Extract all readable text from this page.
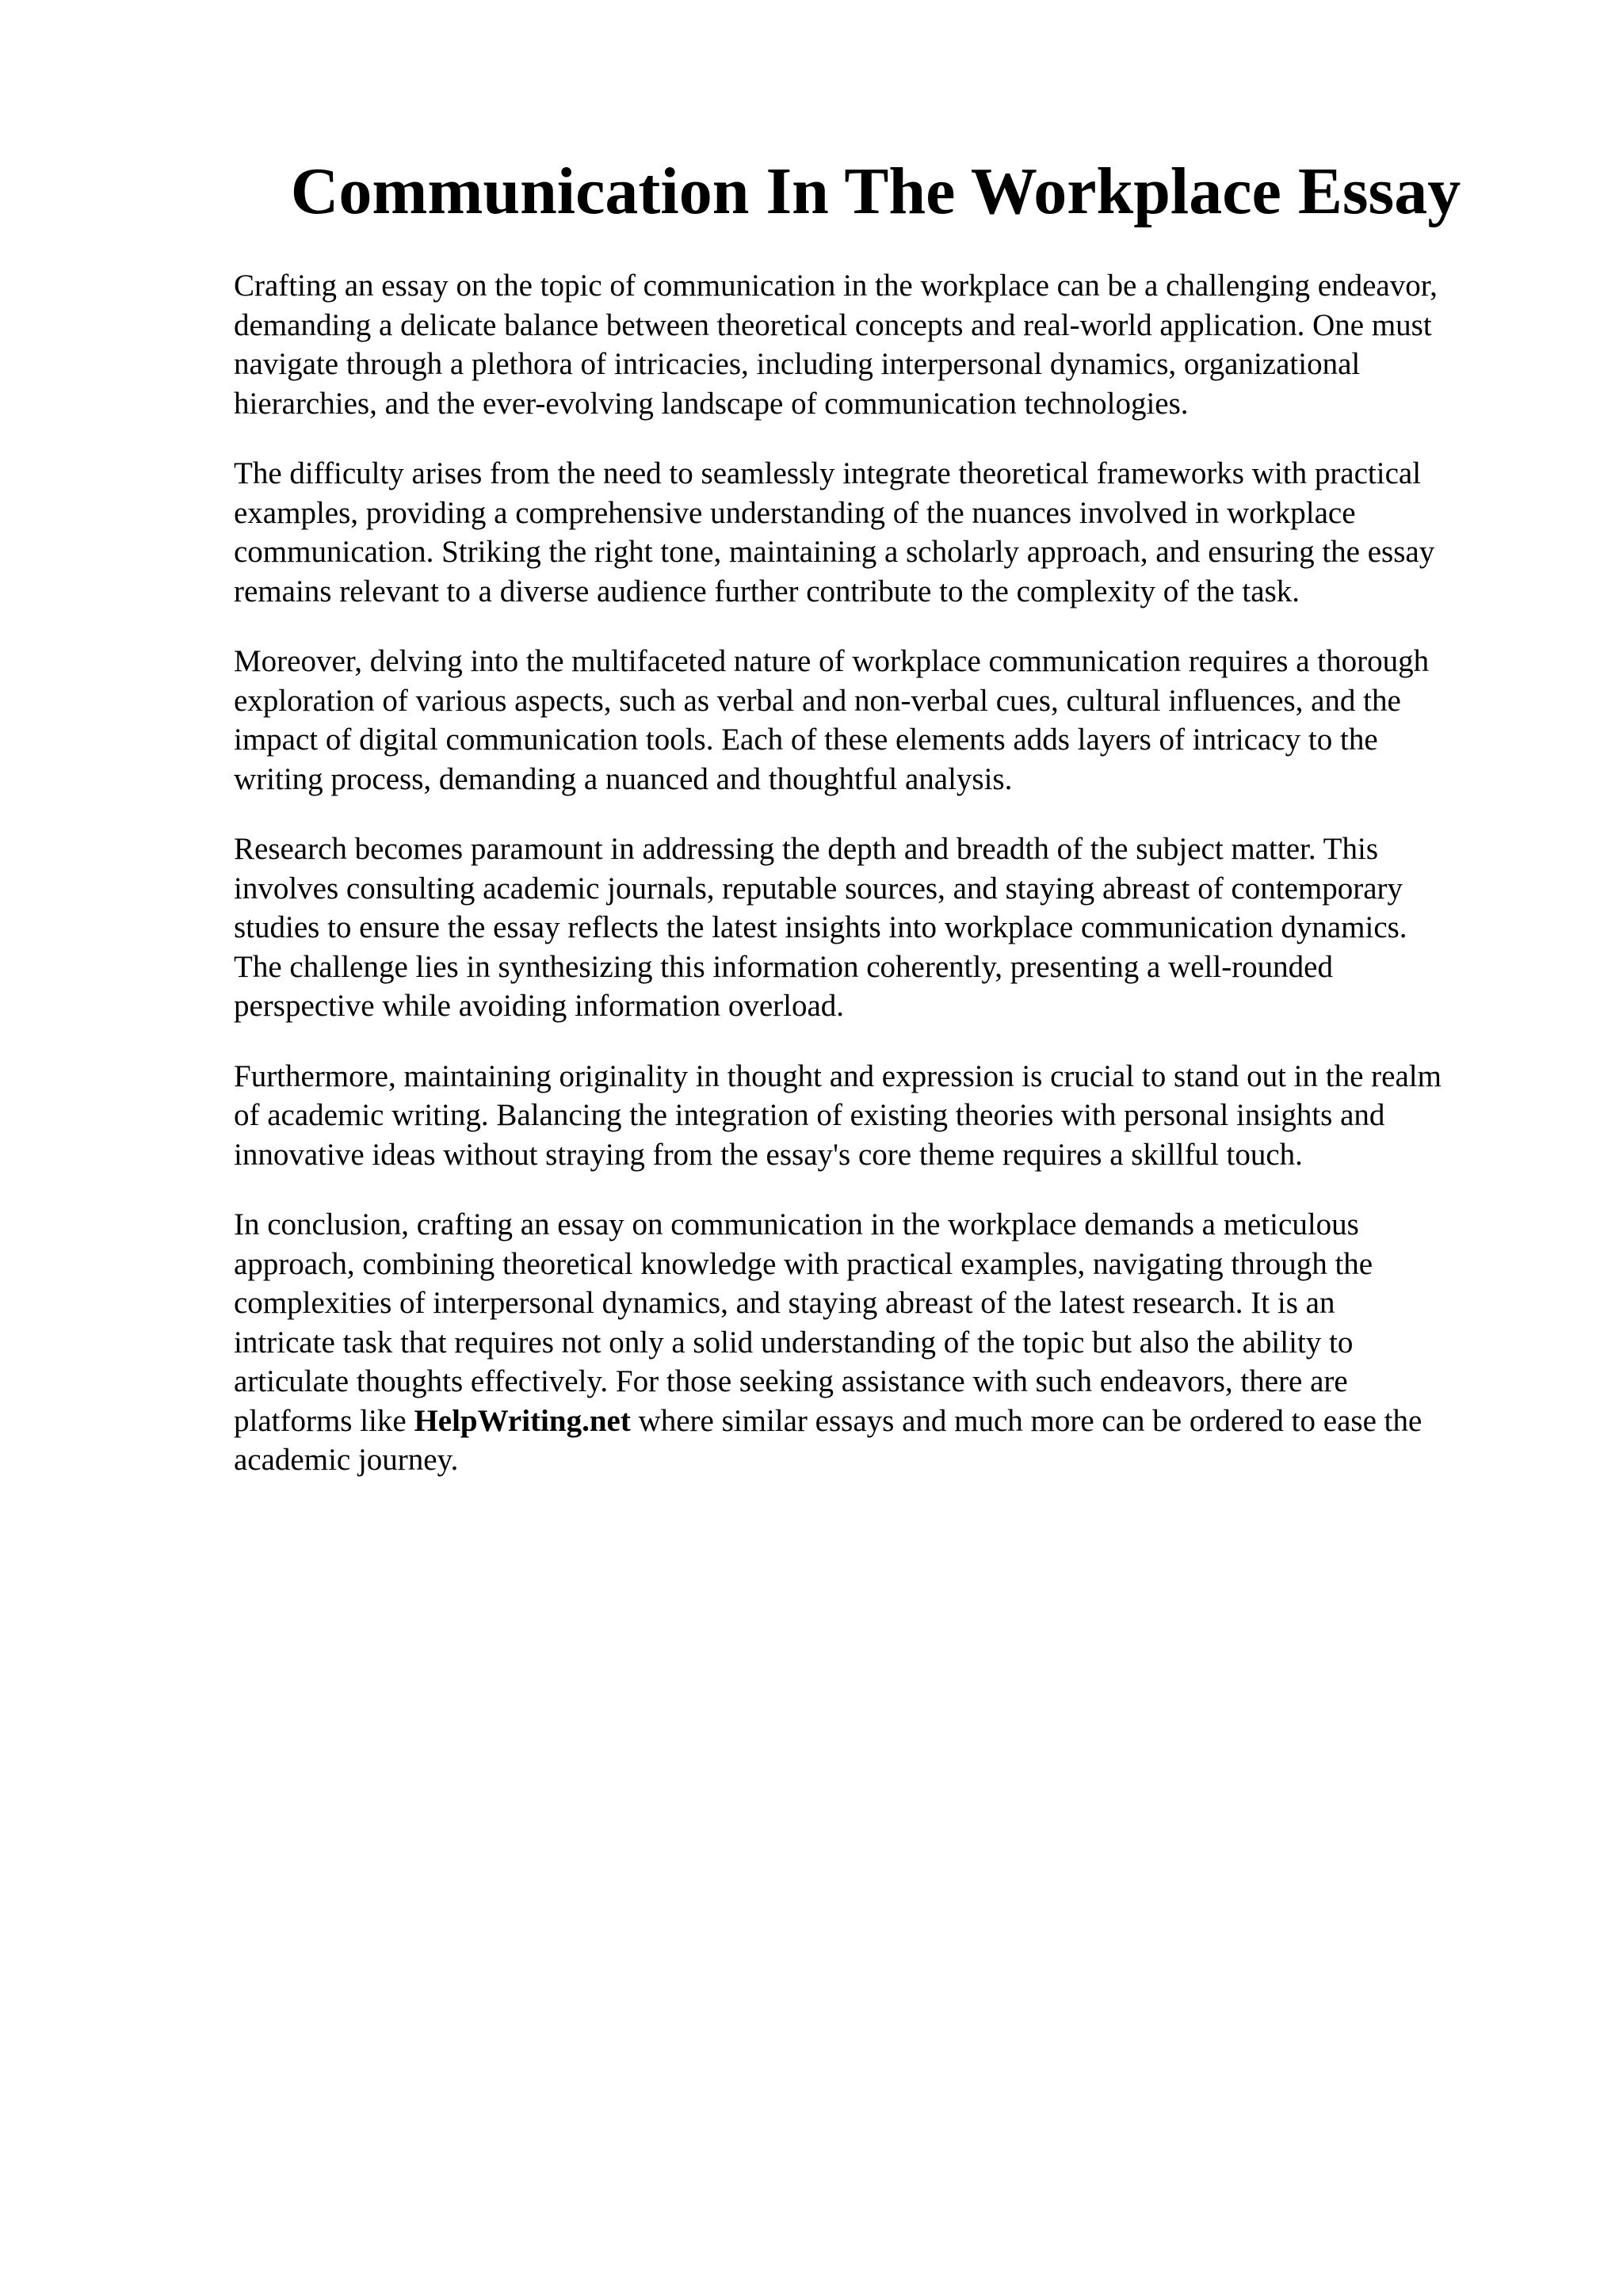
Communication In The Workplace Essay

Crafting an essay on the topic of communication in the workplace can be a challenging endeavor,
demanding a delicate balance between theoretical concepts and real-world application. One must
navigate through a plethora of intricacies, including interpersonal dynamics, organizational
hierarchies, and the ever-evolving landscape of communication technologies.

The difficulty arises from the need to seamlessly integrate theoretical frameworks with practical
examples, providing a comprehensive understanding of the nuances involved in workplace
communication. Striking the right tone, maintaining a scholarly approach, and ensuring the essay
remains relevant to a diverse audience further contribute to the complexity of the task.

Moreover, delving into the multifaceted nature of workplace communication requires a thorough
exploration of various aspects, such as verbal and non-verbal cues, cultural influences, and the
impact of digital communication tools. Each of these elements adds layers of intricacy to the
writing process, demanding a nuanced and thoughtful analysis.

Research becomes paramount in addressing the depth and breadth of the subject matter. This
involves consulting academic journals, reputable sources, and staying abreast of contemporary
studies to ensure the essay reflects the latest insights into workplace communication dynamics.
The challenge lies in synthesizing this information coherently, presenting a well-rounded
perspective while avoiding information overload.

Furthermore, maintaining originality in thought and expression is crucial to stand out in the realm
of academic writing. Balancing the integration of existing theories with personal insights and
innovative ideas without straying from the essay's core theme requires a skillful touch.

In conclusion, crafting an essay on communication in the workplace demands a meticulous
approach, combining theoretical knowledge with practical examples, navigating through the
complexities of interpersonal dynamics, and staying abreast of the latest research. It is an
intricate task that requires not only a solid understanding of the topic but also the ability to
articulate thoughts effectively. For those seeking assistance with such endeavors, there are
platforms like HelpWriting.net where similar essays and much more can be ordered to ease the
academic journey.
